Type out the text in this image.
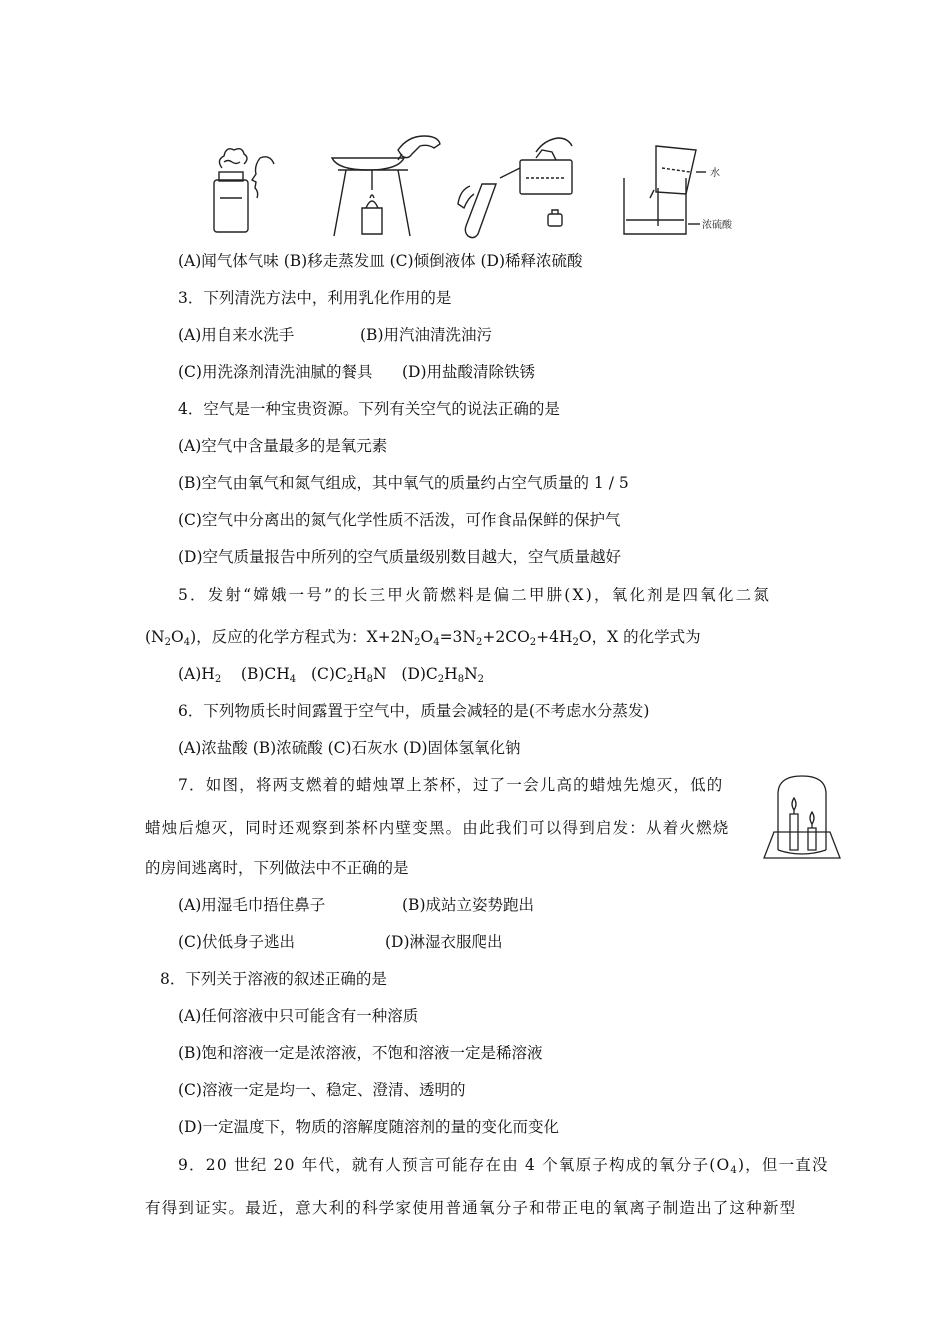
水
浓硫酸
(A)闻气体气味 (B)移走蒸发皿 (C)倾倒液体 (D)稀释浓硫酸
3．下列清洗方法中，利用乳化作用的是
(A)用自来水洗手	(B)用汽油清洗油污
(C)用洗涤剂清洗油腻的餐具 (D)用盐酸清除铁锈
4．空气是一种宝贵资源。下列有关空气的说法正确的是
(A)空气中含量最多的是氧元素
(B)空气由氧气和氮气组成，其中氧气的质量约占空气质量的 1 / 5
(C)空气中分离出的氮气化学性质不活泼，可作食品保鲜的保护气
(D)空气质量报告中所列的空气质量级别数目越大，空气质量越好
5．发射“嫦娥一号”的长三甲火箭燃料是偏二甲肼(X)，氧化剂是四氧化二氮
$(N_2O_4)$，反应的化学方程式为：$X+2N_2O_4=3N_2+2CO_2+4H_2O$，X 的化学式为
$(A)H_2$ $(B)CH_4$ $(C)C_2H_8N$ $(D)C_2H_8N_2$
6．下列物质长时间露置于空气中，质量会减轻的是(不考虑水分蒸发)
(A)浓盐酸 (B)浓硫酸 (C)石灰水 (D)固体氢氧化钠
7．如图，将两支燃着的蜡烛罩上茶杯，过了一会儿高的蜡烛先熄灭，低的
蜡烛后熄灭，同时还观察到茶杯内壁变黑。由此我们可以得到启发：从着火燃烧
的房间逃离时，下列做法中不正确的是
(A)用湿毛巾捂住鼻子	(B)成站立姿势跑出
(C)伏低身子逃出	(D)淋湿衣服爬出
8．下列关于溶液的叙述正确的是
(A)任何溶液中只可能含有一种溶质
(B)饱和溶液一定是浓溶液，不饱和溶液一定是稀溶液
(C)溶液一定是均一、稳定、澄清、透明的
(D)一定温度下，物质的溶解度随溶剂的量的变化而变化
9．20 世纪 20 年代，就有人预言可能存在由 4 个氧原子构成的氧分子$(O_4)$，但一直没
有得到证实。最近，意大利的科学家使用普通氧分子和带正电的氧离子制造出了这种新型
